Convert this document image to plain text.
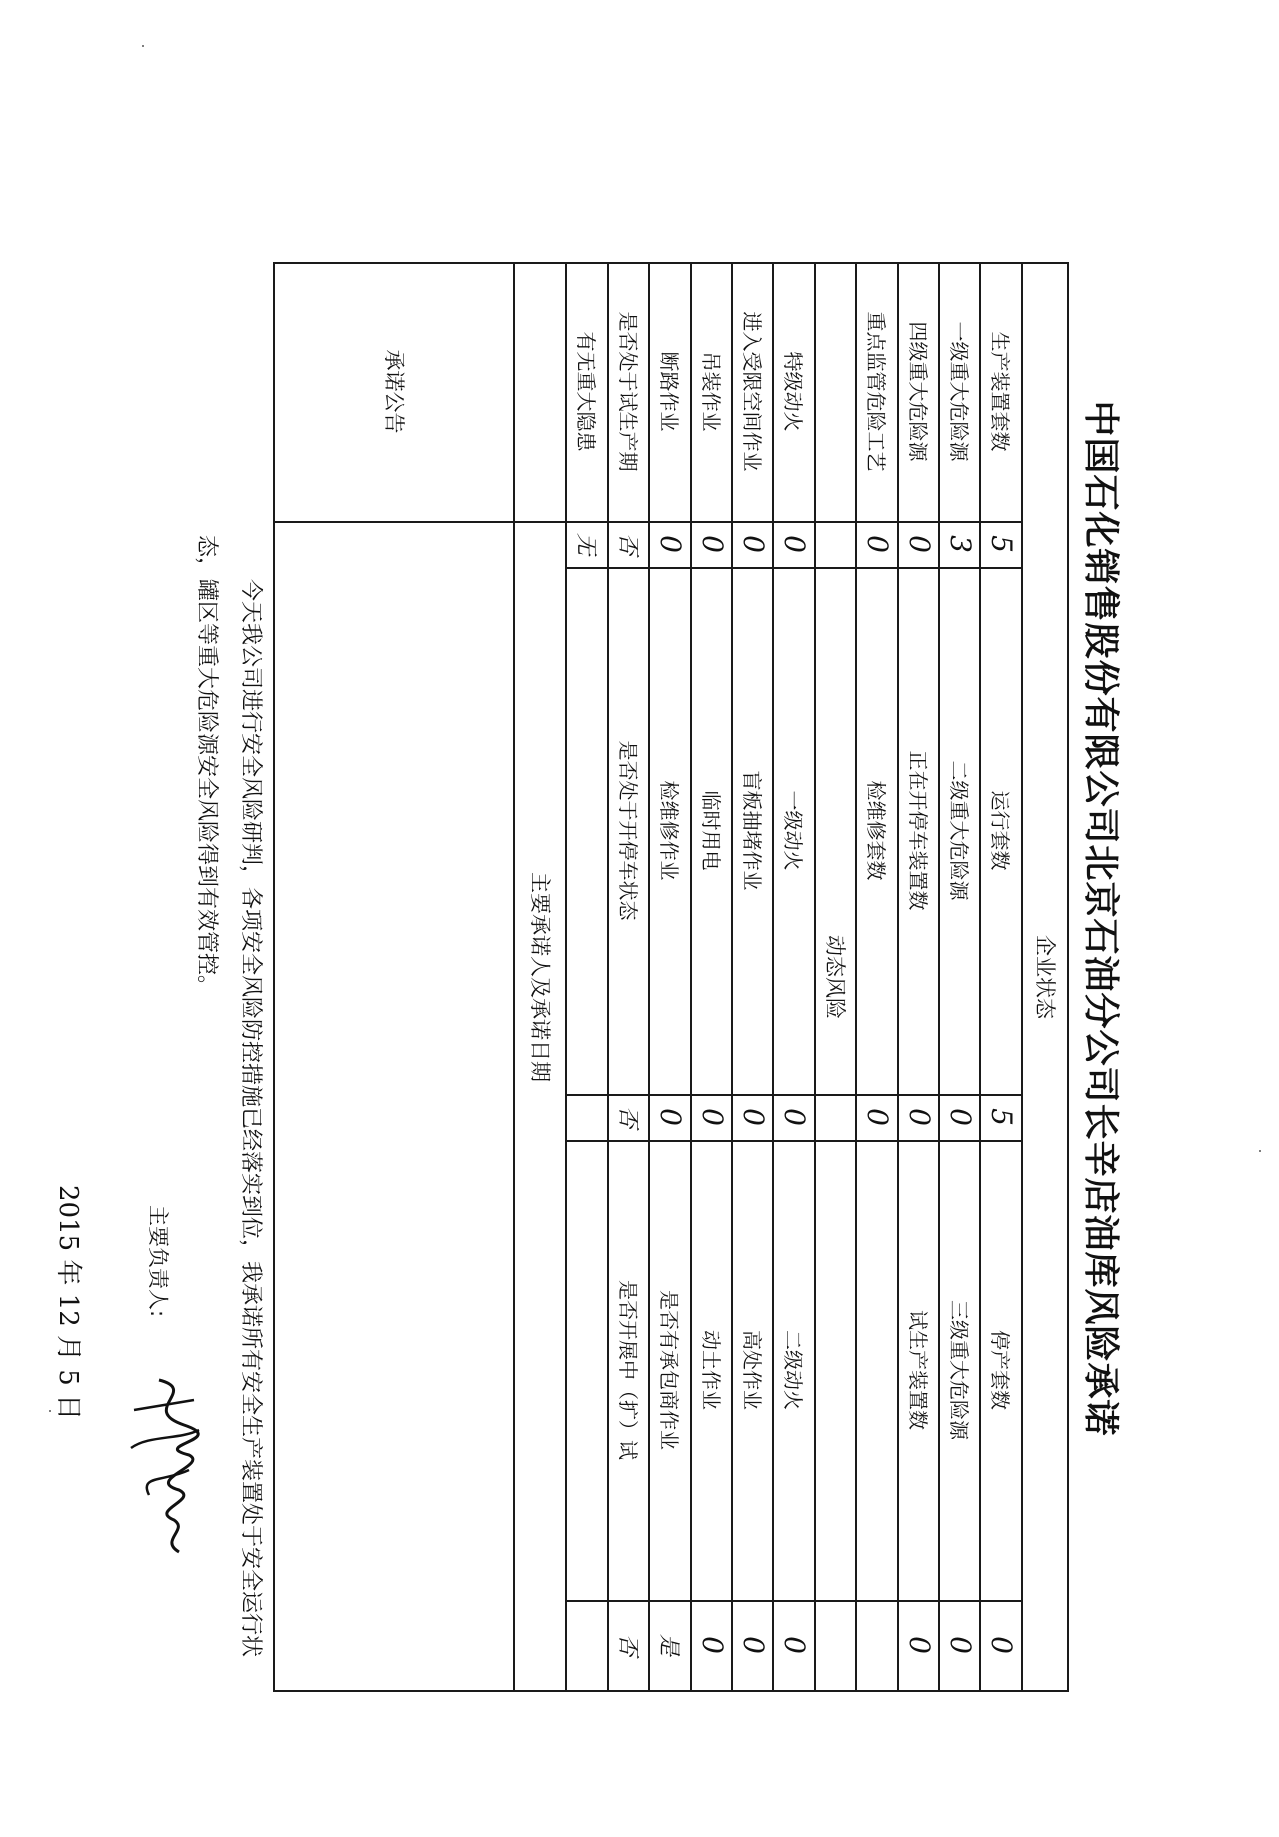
中国石化销售股份有限公司北京石油分公司长辛店油库风险承诺
企业状态
动态风险
主要承诺人及承诺日期
承诺公告	生产装置套数
5
运行套数
5
停产套数
0
一级重大危险源
3
二级重大危险源
0
三级重大危险源
0
四级重大危险源
0
正在开停车装置数
0
试生产装置数
0
重点监管危险工艺
0
检维修套数
0
特级动火
0
一级动火
0
二级动火
0
进入受限空间作业
0
盲板抽堵作业
0
高处作业
0
吊装作业
0
临时用电
0
动土作业
0
断路作业
0
检维修作业
0
是否有承包商作业
是
是否处于试生产期
否
是否处于开停车状态
否
是否开展中（扩）试
否
有无重大隐患
无
今天我公司进行安全风险研判，各项安全风险防控措施已经落实到位，我承诺所有安全生产装置处于安全运行状态，罐区等重大危险源安全风险得到有效管控。
主要负责人:
2015 年 12 月 5 日
